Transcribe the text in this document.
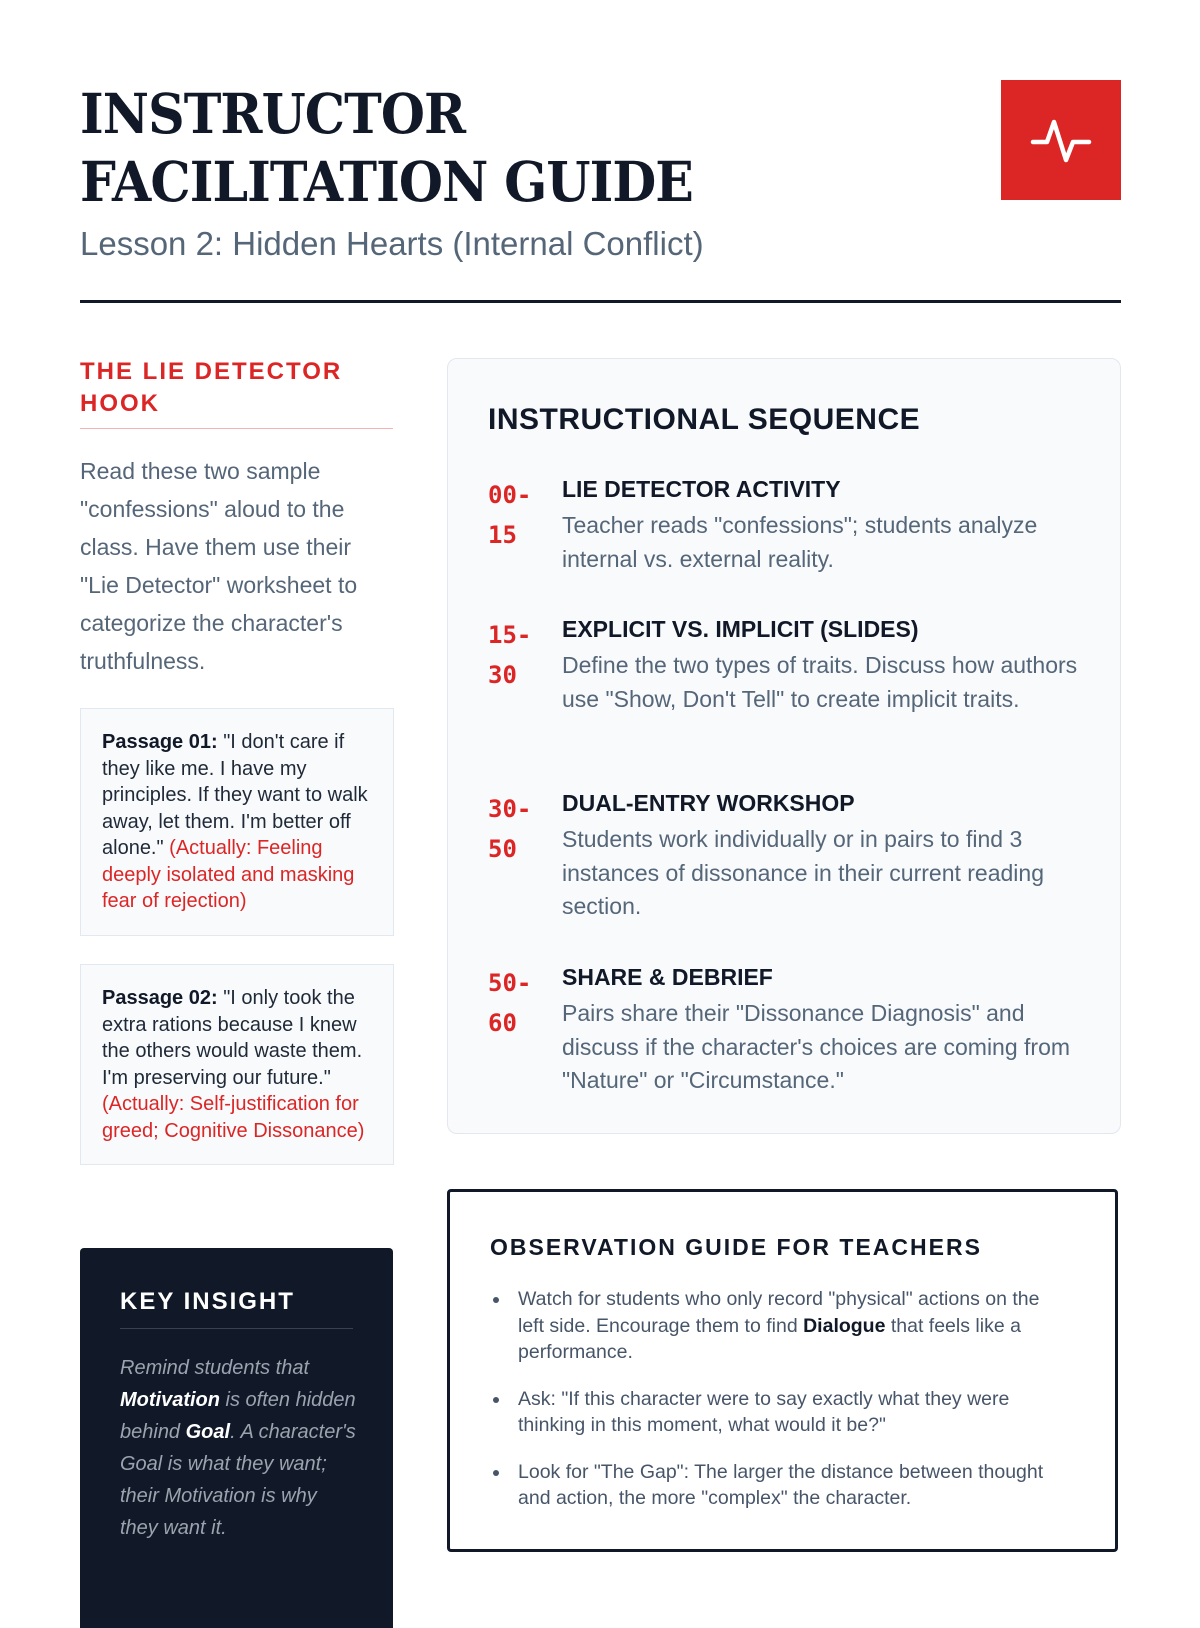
INSTRUCTOR FACILITATION GUIDE
Lesson 2: Hidden Hearts (Internal Conflict)
THE LIE DETECTOR HOOK

Read these two sample "confessions" aloud to the class. Have them use their "Lie Detector" worksheet to categorize the character's truthfulness.

Passage 01: "I don't care if they like me. I have my principles. If they want to walk away, let them. I'm better off alone." (Actually: Feeling deeply isolated and masking fear of rejection)
Passage 02: "I only took the extra rations because I knew the others would waste them. I'm preserving our future." (Actually: Self-justification for greed; Cognitive Dissonance)
KEY INSIGHT

Remind students that Motivation is often hidden behind Goal. A character's Goal is what they want; their Motivation is why they want it.

INSTRUCTIONAL SEQUENCE
00-15
LIE DETECTOR ACTIVITY

Teacher reads "confessions"; students analyze internal vs. external reality.

15-30
EXPLICIT VS. IMPLICIT (SLIDES)

Define the two types of traits. Discuss how authors use "Show, Don't Tell" to create implicit traits.

30-50
DUAL-ENTRY WORKSHOP

Students work individually or in pairs to find 3 instances of dissonance in their current reading section.

50-60
SHARE & DEBRIEF

Pairs share their "Dissonance Diagnosis" and discuss if the character's choices are coming from "Nature" or "Circumstance."

OBSERVATION GUIDE FOR TEACHERS
Watch for students who only record "physical" actions on the left side. Encourage them to find Dialogue that feels like a performance.
Ask: "If this character were to say exactly what they were thinking in this moment, what would it be?"
Look for "The Gap": The larger the distance between thought and action, the more "complex" the character.
